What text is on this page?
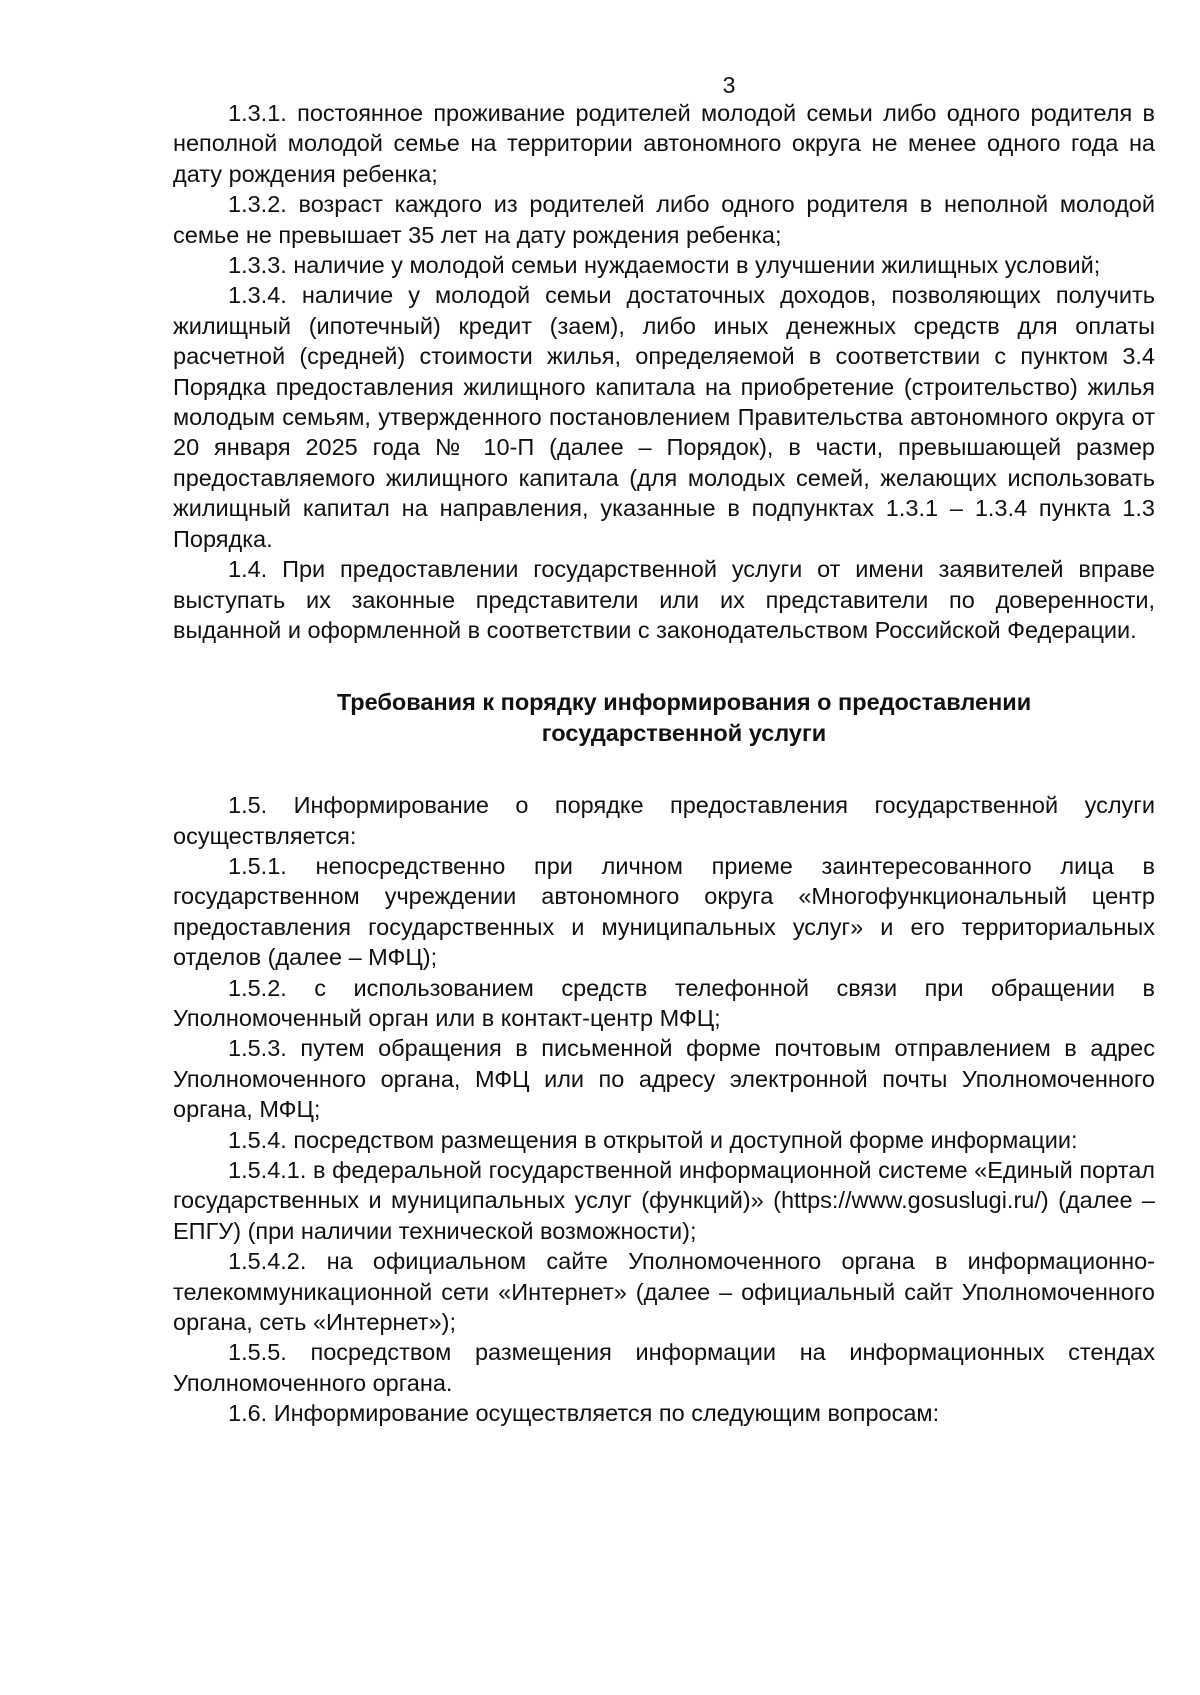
3

1.3.1. постоянное проживание родителей молодой семьи либо одного родителя в неполной молодой семье на территории автономного округа не менее одного года на дату рождения ребенка;

1.3.2. возраст каждого из родителей либо одного родителя в неполной молодой семье не превышает 35 лет на дату рождения ребенка;

1.3.3. наличие у молодой семьи нуждаемости в улучшении жилищных условий;

1.3.4. наличие у молодой семьи достаточных доходов, позволяющих получить жилищный (ипотечный) кредит (заем), либо иных денежных средств для оплаты расчетной (средней) стоимости жилья, определяемой в соответствии с пунктом 3.4 Порядка предоставления жилищного капитала на приобретение (строительство) жилья молодым семьям, утвержденного постановлением Правительства автономного округа от 20 января 2025 года № 10-П (далее – Порядок), в части, превышающей размер предоставляемого жилищного капитала (для молодых семей, желающих использовать жилищный капитал на направления, указанные в подпунктах 1.3.1 – 1.3.4 пункта 1.3 Порядка.

1.4. При предоставлении государственной услуги от имени заявителей вправе выступать их законные представители или их представители по доверенности, выданной и оформленной в соответствии с законодательством Российской Федерации.

Требования к порядку информирования о предоставлении
государственной услуги

1.5. Информирование о порядке предоставления государственной услуги осуществляется:

1.5.1. непосредственно при личном приеме заинтересованного лица в государственном учреждении автономного округа «Многофункциональный центр предоставления государственных и муниципальных услуг» и его территориальных отделов (далее – МФЦ);

1.5.2. с использованием средств телефонной связи при обращении в Уполномоченный орган или в контакт-центр МФЦ;

1.5.3. путем обращения в письменной форме почтовым отправлением в адрес Уполномоченного органа, МФЦ или по адресу электронной почты Уполномоченного органа, МФЦ;

1.5.4. посредством размещения в открытой и доступной форме информации:

1.5.4.1. в федеральной государственной информационной системе «Единый портал государственных и муниципальных услуг (функций)» (https://www.gosuslugi.ru/) (далее – ЕПГУ) (при наличии технической возможности);

1.5.4.2. на официальном сайте Уполномоченного органа в информационно-телекоммуникационной сети «Интернет» (далее – официальный сайт Уполномоченного органа, сеть «Интернет»);

1.5.5. посредством размещения информации на информационных стендах Уполномоченного органа.

1.6. Информирование осуществляется по следующим вопросам:
